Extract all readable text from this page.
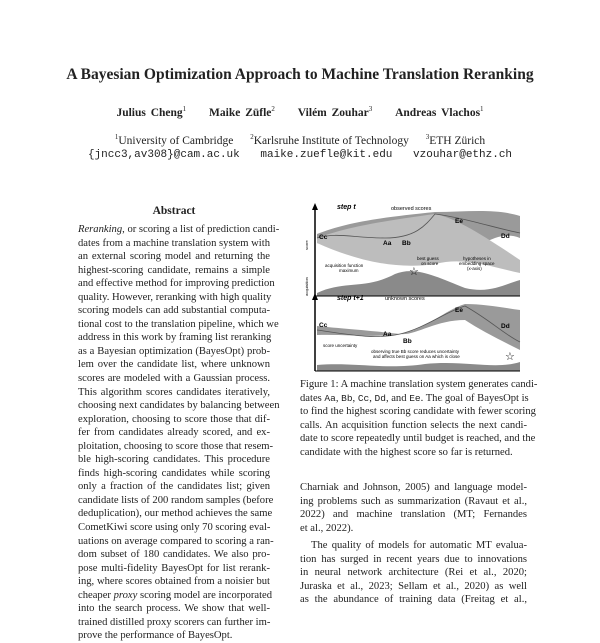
A Bayesian Optimization Approach to Machine Translation Reranking
Julius Cheng$^1$ Maike Züfle$^2$ Vilém Zouhar$^3$ Andreas Vlachos$^1$
$^1$University of Cambridge $^2$Karlsruhe Institute of Technology $^3$ETH Zürich
{jncc3,av308}@cam.ac.uk maike.zuefle@kit.edu vzouhar@ethz.ch
Abstract
Reranking, or scoring a list of prediction candi-
dates from a machine translation system with
an external scoring model and returning the
highest-scoring candidate, remains a simple
and effective method for improving prediction
quality. However, reranking with high quality
scoring models can add substantial computa-
tional cost to the translation pipeline, which we
address in this work by framing list reranking
as a Bayesian optimization (BayesOpt) prob-
lem over the candidate list, where unknown
scores are modeled with a Gaussian process.
This algorithm scores candidates iteratively,
choosing next candidates by balancing between
exploration, choosing to score those that dif-
fer from candidates already scored, and ex-
ploitation, choosing to score those that resem-
ble high-scoring candidates. This procedure
finds high-scoring candidates while scoring
only a fraction of the candidates list; given
candidate lists of 200 random samples (before
deduplication), our method achieves the same
CometKiwi score using only 70 scoring eval-
uations on average compared to scoring a ran-
dom subset of 180 candidates. We also pro-
pose multi-fidelity BayesOpt for list rerank-
ing, where scores obtained from a noisier but
cheaper proxy scoring model are incorporated
into the search process. We show that well-
trained distilled proxy scorers can further im-
prove the performance of BayesOpt.
step t	observed scores
score
acquisition
Cc
Aa Bb
Ee
Dd
acquisition function
maximum	☆
best guess
on score
hypotheses in
embedding space
(x-axis)
step t+1	unknown scores
Cc
Aa
Bb
Ee
Dd
score uncertainty
observing true Bb score reduces uncertainty
and affects best guess on Aa which is close	☆
Figure 1: A machine translation system generates candi-
dates Aa, Bb, Cc, Dd, and Ee. The goal of BayesOpt is
to find the highest scoring candidate with fewer scoring
calls. An acquisition function selects the next candi-
date to score repeatedly until budget is reached, and the
candidate with the highest score so far is returned.
Charniak and Johnson, 2005) and language model-
ing problems such as summarization (Ravaut et al.,
2022) and machine translation (MT; Fernandes
et al., 2022).
The quality of models for automatic MT evalua-
tion has surged in recent years due to innovations
in neural network architecture (Rei et al., 2020;
Juraska et al., 2023; Sellam et al., 2020) as well
as the abundance of training data (Freitag et al.,
